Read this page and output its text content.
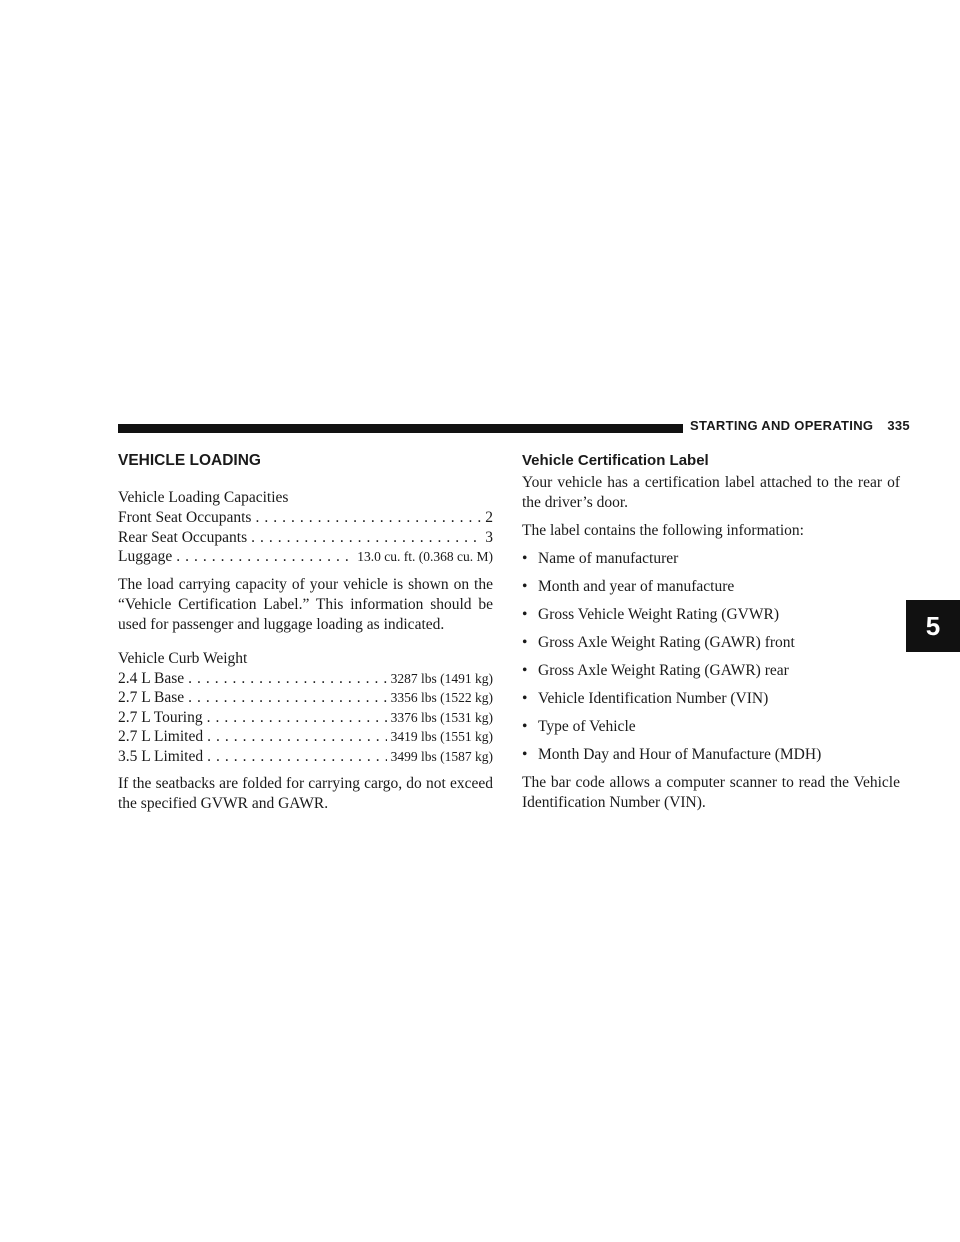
STARTING AND OPERATING 335
5
VEHICLE LOADING
Vehicle Loading Capacities
Front Seat Occupants .....	2
Rear Seat Occupants .....	3
Luggage .....	13.0 cu. ft. (0.368 cu. M)

The load carrying capacity of your vehicle is shown on the “Vehicle Certification Label.” This information should be used for passenger and luggage loading as indicated.

Vehicle Curb Weight
2.4 L Base .....	3287 lbs (1491 kg)
2.7 L Base .....	3356 lbs (1522 kg)
2.7 L Touring .....	3376 lbs (1531 kg)
2.7 L Limited .....	3419 lbs (1551 kg)
3.5 L Limited .....	3499 lbs (1587 kg)

If the seatbacks are folded for carrying cargo, do not exceed the specified GVWR and GAWR.

Vehicle Certification Label

Your vehicle has a certification label attached to the rear of the driver’s door.

The label contains the following information:

• Name of manufacturer
• Month and year of manufacture
• Gross Vehicle Weight Rating (GVWR)
• Gross Axle Weight Rating (GAWR) front
• Gross Axle Weight Rating (GAWR) rear
• Vehicle Identification Number (VIN)
• Type of Vehicle
• Month Day and Hour of Manufacture (MDH)

The bar code allows a computer scanner to read the Vehicle Identification Number (VIN).
